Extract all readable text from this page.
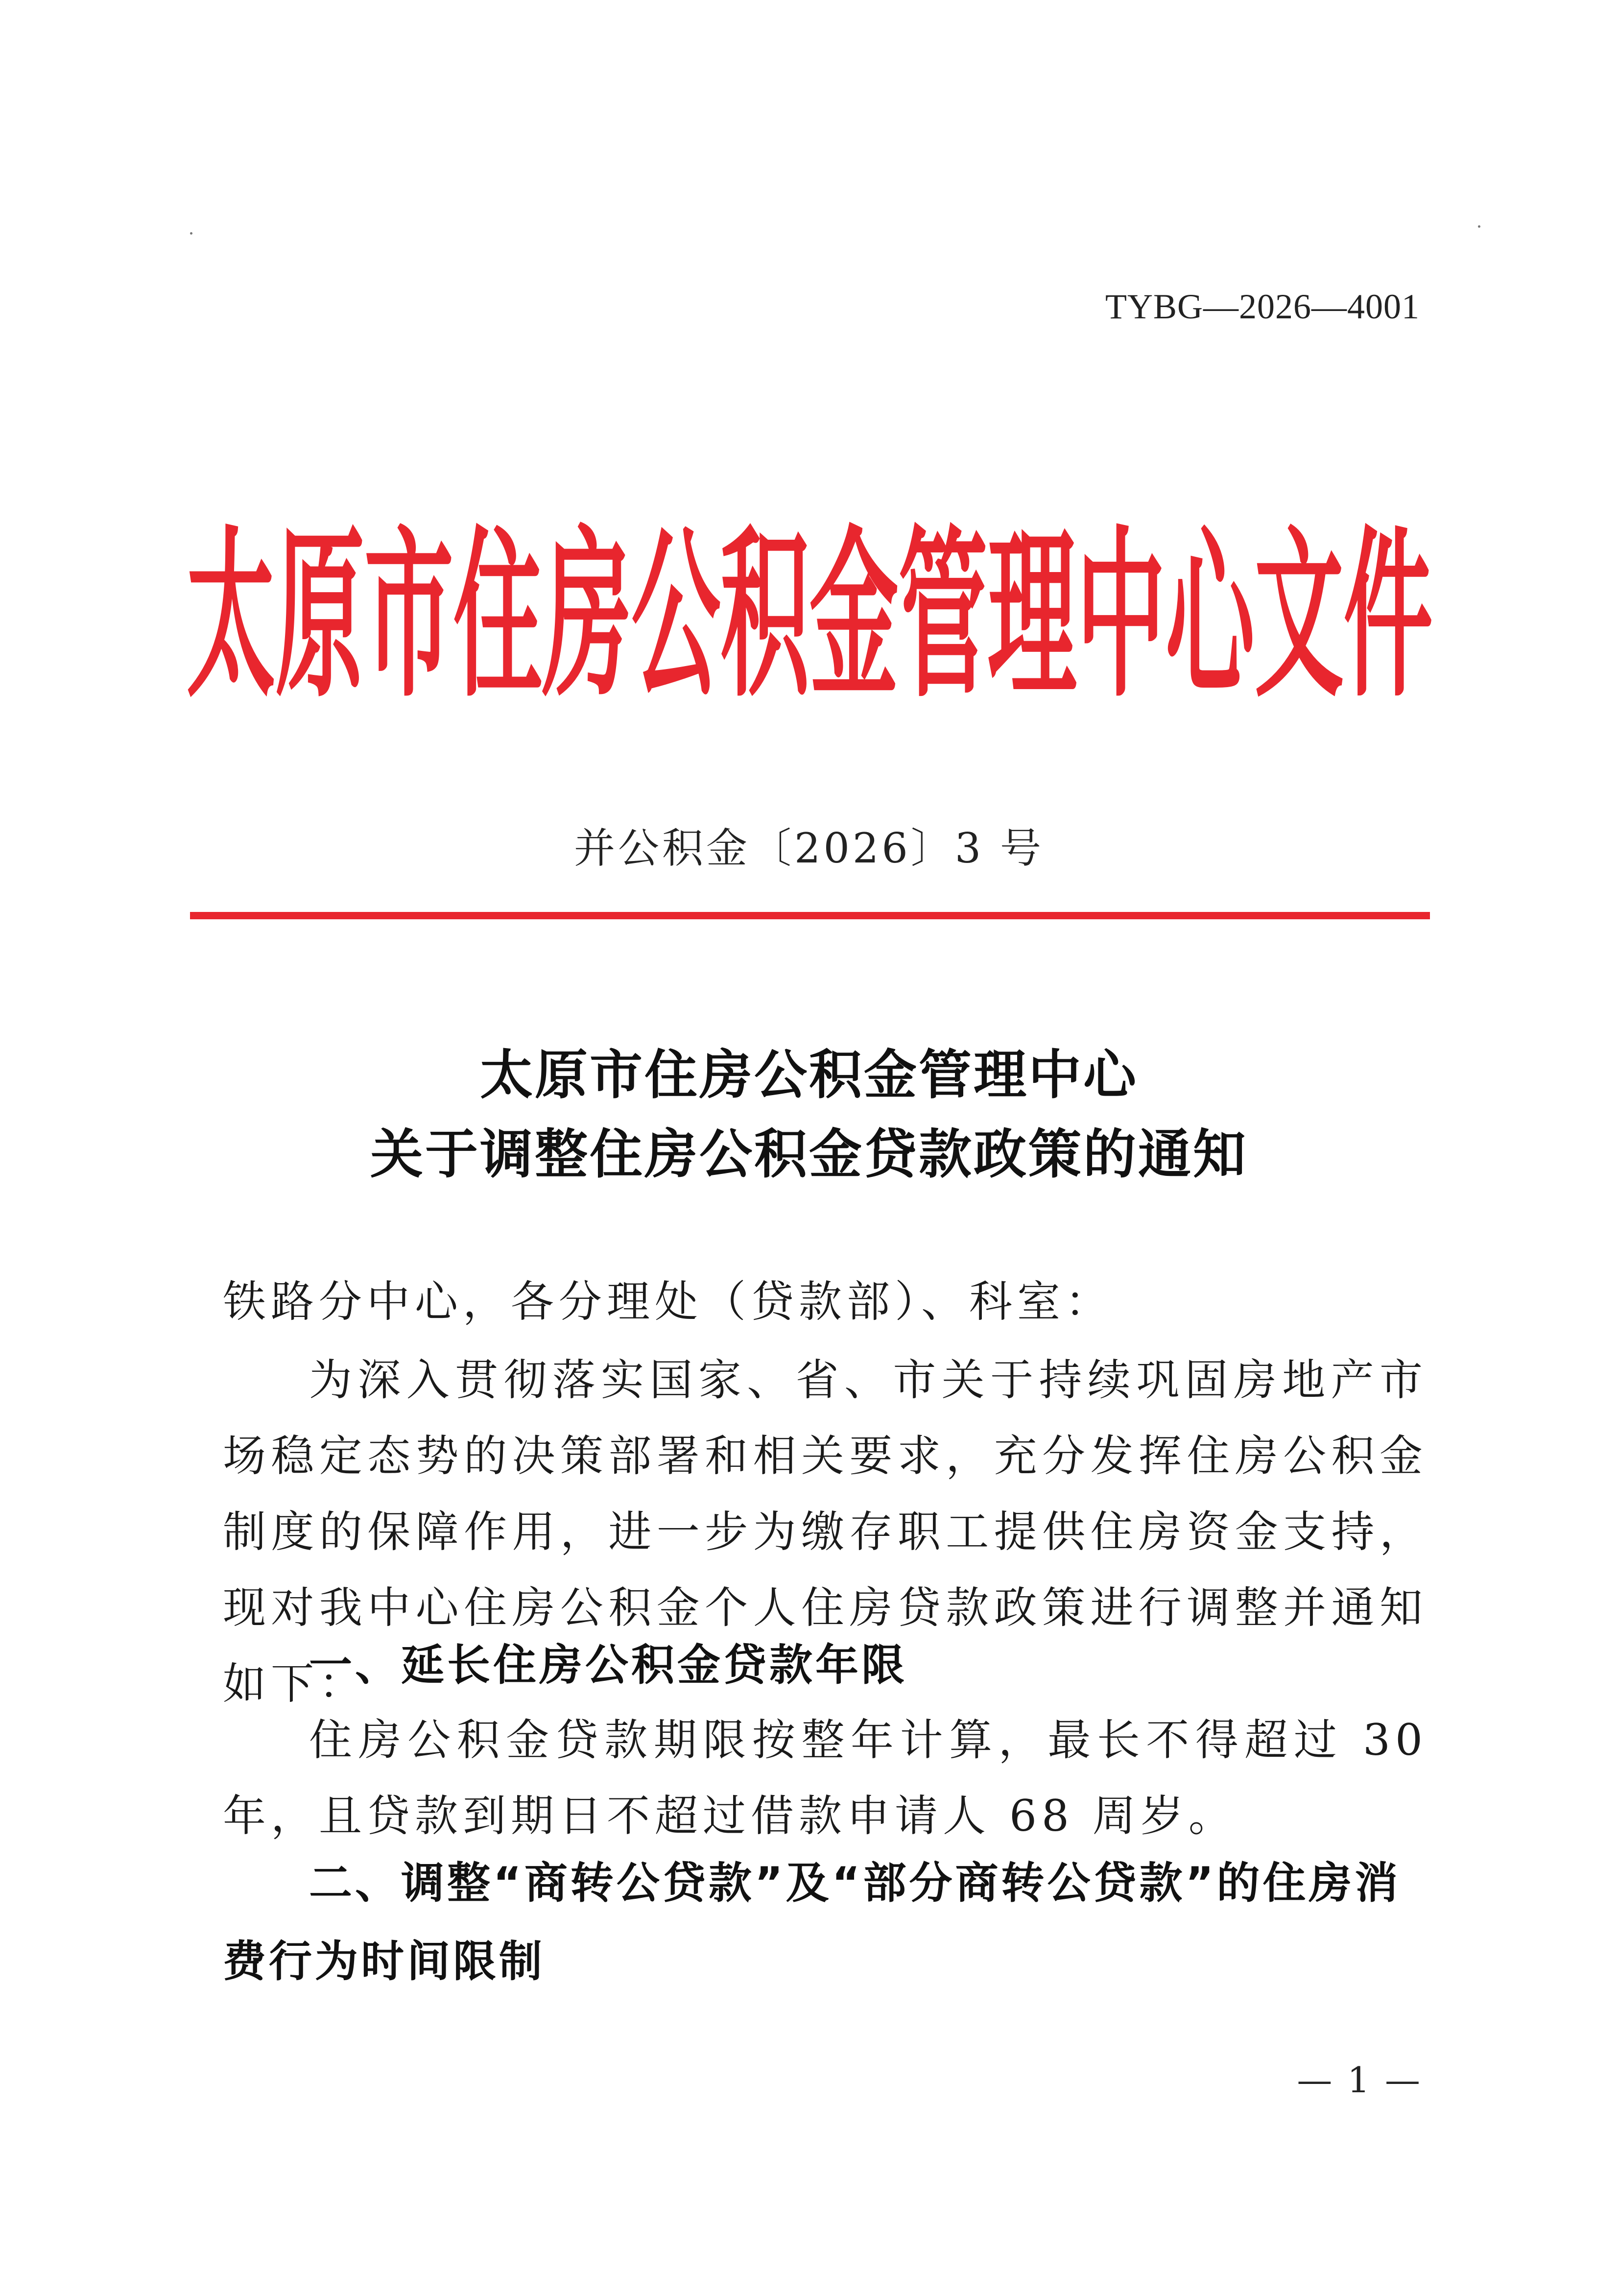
TYBG—2026—4001
太原市住房公积金管理中心文件
并公积金〔2026〕3 号
太原市住房公积金管理中心
关于调整住房公积金贷款政策的通知
铁路分中心，各分理处（贷款部）、科室：
为深入贯彻落实国家、省、市关于持续巩固房地产市场稳定态势的决策部署和相关要求，充分发挥住房公积金制度的保障作用，进一步为缴存职工提供住房资金支持，现对我中心住房公积金个人住房贷款政策进行调整并通知如下：
一、延长住房公积金贷款年限
住房公积金贷款期限按整年计算，最长不得超过 30 年，且贷款到期日不超过借款申请人 68 周岁。
二、调整“商转公贷款”及“部分商转公贷款”的住房消费行为时间限制
— 1 —
